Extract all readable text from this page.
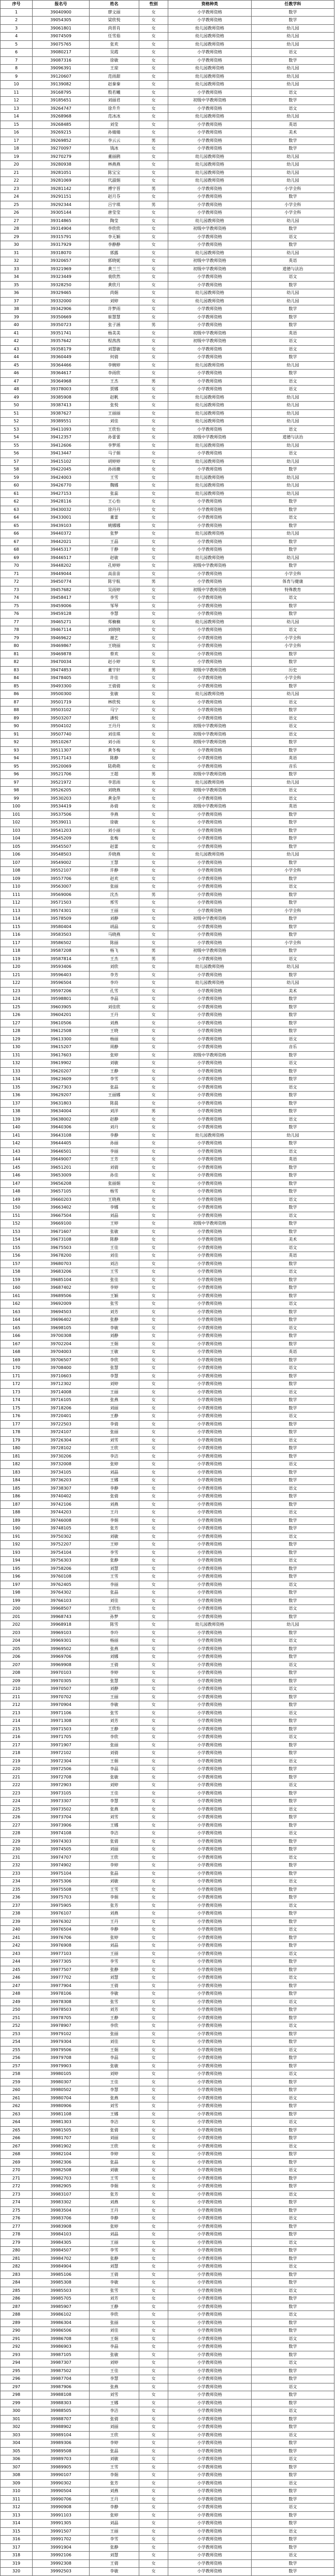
序号	报名号	姓名	性别	资格种类	任教学科
1	39040900	廖文丽	女	小学教师资格	数学
2	39054305	梁欣悦	女	小学教师资格	数学
3	39061801	尚晋肖	女	幼儿园教师资格	幼儿园
4	39074509	任雪茹	女	幼儿园教师资格	幼儿园
5	39075765	张欢	女	幼儿园教师资格	幼儿园
6	39080217	吴霞	女	小学教师资格	语文
7	39087316	徐敏	女	小学教师资格	数学
8	39096391	王琼	女	幼儿园教师资格	幼儿园
9	39120607	范雨甜	女	幼儿园教师资格	幼儿园
10	39139082	赵秦秦	女	幼儿园教师资格	幼儿园
11	39168795	殷若曦	女	小学教师资格	语文
12	39185651	刘丽君	女	初级中学教师资格	数学
13	39264747	徐升升	女	小学教师资格	语文
14	39268968	范冰冰	女	幼儿园教师资格	幼儿园
15	39268485	刘莹	女	小学教师资格	英语
16	39269215	孙婧婧	女	小学教师资格	美术
17	39269852	李云云	男	小学教师资格	数学
18	39270097	钱冰	女	小学教师资格	数学
19	39270279	董丽鹃	女	幼儿园教师资格	幼儿园
20	39280938	林燕燕	女	幼儿园教师资格	幼儿园
21	39281051	陈宝宝	女	幼儿园教师资格	幼儿园
22	39281069	代淑娟	女	幼儿园教师资格	幼儿园
23	39281142	傅宇晋	男	小学教师资格	小学全科
24	39291151	赵月芬	女	小学教师资格	数学
25	39292344	吕宇琪	男	小学教师资格	小学全科
26	39305144	唐莹莹	女	小学教师资格	小学全科
27	39314865	陶莹	女	幼儿园教师资格	幼儿园
28	39314904	李欣欣	女	初级中学教师资格	数学
29	39315791	李无颖	女	小学教师资格	语文
30	39317929	李静静	女	小学教师资格	数学
31	39318070	郭露	女	幼儿园教师资格	幼儿园
32	39320657	郭晓妮	女	初级中学教师资格	英语
33	39321969	黄兰兰	女	初级中学教师资格	道德与法治
34	39323449	裴欣然	女	小学教师资格	语文
35	39328250	黄欣月	女	小学教师资格	数学
36	39329465	尚娟	女	幼儿园教师资格	幼儿园
37	39332000	刘婷	女	幼儿园教师资格	幼儿园
38	39342906	许梦雨	女	小学教师资格	数学
39	39350669	崔慧慧	女	小学教师资格	数学
40	39350723	张子涵	男	小学教师资格	数学
41	39351741	杨美美	女	初级中学教师资格	英语
42	39357642	程茜茜	女	初级中学教师资格	语文
43	39358179	刘慧敏	女	小学教师资格	语文
44	39360449	何倩	女	小学教师资格	数学
45	39364466	李婉婷	女	幼儿园教师资格	幼儿园
46	39364617	李雨欣	女	小学教师资格	数学
47	39364968	王杰	男	小学教师资格	语文
48	39378003	贾娜	女	小学教师资格	语文
49	39385908	赵帆	女	幼儿园教师资格	幼儿园
50	39387413	张悦	女	幼儿园教师资格	幼儿园
51	39387627	王丽丽	女	幼儿园教师资格	幼儿园
52	39389551	刘佳	女	幼儿园教师资格	幼儿园
53	39411093	王欣怡	女	小学教师资格	语文
54	39412357	孙蕾蕾	女	初级中学教师资格	道德与法治
55	39412606	李梦瑶	女	幼儿园教师资格	幼儿园
56	39413447	马子娟	女	小学教师资格	语文
57	39415102	胡婷婷	女	幼儿园教师资格	幼儿园
58	39422045	孙雨薇	女	小学教师资格	数学
59	39424003	王雪	女	幼儿园教师资格	幼儿园
60	39426770	魏娜	女	幼儿园教师资格	幼儿园
61	39427153	张蕊	女	幼儿园教师资格	幼儿园
62	39428116	王心怡	女	小学教师资格	数学
63	39430032	徐丹丹	女	小学教师资格	数学
64	39433001	董蕾	女	小学教师资格	语文
65	39439103	姚娜娜	女	小学教师资格	数学
66	39440372	张梦	女	幼儿园教师资格	幼儿园
67	39442021	王晶	女	小学教师资格	数学
68	39445317	于静	女	小学教师资格	数学
69	39446517	赵敏	女	幼儿园教师资格	幼儿园
70	39448202	孔婷婷	女	初级中学教师资格	数学
71	39449044	高苗苗	女	小学教师资格	小学全科
72	39450774	陈宇航	男	小学教师资格	体育与健康
73	39457682	吴雨婷	女	初级中学教师资格	特殊教育
74	39458417	李雪	女	小学教师资格	语文
75	39459006	邹琴	女	小学教师资格	数学
76	39459128	李慧	女	小学教师资格	数学
77	39465271	郑楠楠	女	幼儿园教师资格	幼儿园
78	39467114	刘晓晓	女	小学教师资格	语文
79	39469622	谢艺	女	小学教师资格	小学全科
80	39469867	王晓丽	女	小学教师资格	小学全科
81	39469878	蔡欢	女	小学教师资格	数学
82	39470034	赵小婷	女	小学教师资格	数学
83	39474853	董宇轩	男	初级中学教师资格	历史
84	39478405	许佳	女	小学教师资格	小学全科
85	39493300	王倩倩	女	小学教师资格	数学
86	39500300	张敏	女	幼儿园教师资格	幼儿园
87	39501719	林欣悦	女	小学教师资格	语文
88	39503102	马宁	女	小学教师资格	数学
89	39503207	潘悦	女	小学教师资格	语文
90	39504102	王丹丹	女	初级中学教师资格	语文
91	39507740	刘佳琪	女	初级中学教师资格	语文
92	39510267	刘小雨	女	初级中学教师资格	数学
93	39511307	黄冬梅	女	小学教师资格	数学
94	39517143	陈静	女	小学教师资格	英语
95	39520069	陆萌萌	女	小学教师资格	音乐
96	39521706	王超	男	初级中学教师资格	数学
97	39521972	李思雨	女	幼儿园教师资格	幼儿园
98	39526205	刘晓燕	女	初级中学教师资格	语文
99	39530203	黄金萍	女	小学教师资格	语文
100	39534419	孙倩	女	初级中学教师资格	英语
101	39537506	李燕	女	小学教师资格	数学
102	39539011	徐敏	女	小学教师资格	数学
103	39541203	刘小丽	女	小学教师资格	数学
104	39545209	张梅	女	小学教师资格	数学
105	39545507	赵蕾	女	小学教师资格	数学
106	39548503	乔晓燕	女	幼儿园教师资格	幼儿园
107	39549002	王慧	女	小学教师资格	数学
108	39552107	许静	女	小学教师资格	小学全科
109	39557706	赵欢	女	小学教师资格	数学
110	39563007	张丽	女	小学教师资格	语文
111	39569006	沈杰	男	小学教师资格	数学
112	39571503	邢雪	女	小学教师资格	数学
113	39574301	王丽	女	小学教师资格	小学全科
114	39578509	刘静	女	初级中学教师资格	数学
115	39580404	胡晶	女	小学教师资格	数学
116	39583503	马晓燕	女	小学教师资格	数学
117	39586502	陈丽	女	小学教师资格	小学全科
118	39587208	杨飞	男	初级中学教师资格	数学
119	39587814	王杰	男	小学教师资格	语文
120	39593406	刘欣	女	幼儿园教师资格	幼儿园
121	39596403	李芳	女	小学教师资格	数学
122	39596504	李玲	女	幼儿园教师资格	幼儿园
123	39597206	孔雪	女	小学教师资格	美术
124	39598801	李晶	女	小学教师资格	数学
125	39603905	刘佳欣	女	小学教师资格	数学
126	39604201	王丹	女	小学教师资格	数学
127	39610506	刘燕	女	小学教师资格	数学
128	39612508	王晓	女	小学教师资格	数学
129	39613300	杨丽	女	小学教师资格	语文
130	39615207	周静	女	小学教师资格	音乐
131	39617603	张婷	女	初级中学教师资格	数学
132	39619902	刘敏	女	小学教师资格	语文
133	39620207	王静	女	小学教师资格	数学
134	39623609	李雪	女	小学教师资格	数学
135	39627303	张晶	女	小学教师资格	语文
136	39629207	王丽娜	女	小学教师资格	数学
137	39631803	陈晨	女	小学教师资格	数学
138	39634004	刘洋	男	小学教师资格	数学
139	39638002	赵静	女	小学教师资格	语文
140	39640306	刘丹	女	小学教师资格	数学
141	39643108	李静	女	幼儿园教师资格	幼儿园
142	39644405	孙丽	女	小学教师资格	数学
143	39646501	李丽	女	小学教师资格	语文
144	39649007	王芳	女	小学教师资格	英语
145	39651201	刘倩	女	小学教师资格	数学
146	39653009	孙佳	女	小学教师资格	数学
147	39656208	张丽娟	女	小学教师资格	数学
148	39657105	杨雪	女	小学教师资格	数学
149	39660203	王晓燕	女	小学教师资格	语文
150	39663402	李娜	女	小学教师资格	数学
151	39667504	刘晶	女	小学教师资格	语文
152	39669100	王婷	女	初级中学教师资格	数学
153	39671607	张敏	女	小学教师资格	数学
154	39673108	陈静	女	小学教师资格	美术
155	39675503	王佳	女	小学教师资格	语文
156	39678200	刘佳	女	小学教师资格	英语
157	39680703	刘洁	女	小学教师资格	数学
158	39683206	王雪	女	小学教师资格	语文
159	39685104	张佳	女	小学教师资格	数学
160	39687402	李婷	女	小学教师资格	数学
161	39689506	王颖	女	小学教师资格	数学
162	39692009	张雪	女	小学教师资格	语文
163	39694503	刘芳	女	小学教师资格	数学
164	39696402	张静	女	小学教师资格	数学
165	39698105	李敏	女	小学教师资格	语文
166	39700308	刘静	女	小学教师资格	数学
167	39702204	王娟	女	小学教师资格	数学
168	39704003	王敏	女	小学教师资格	英语
169	39706507	李欣	女	小学教师资格	数学
170	39708400	张慧	女	小学教师资格	语文
171	39710603	李慧	女	小学教师资格	数学
172	39712302	刘婷	女	小学教师资格	数学
173	39714008	王丽	女	小学教师资格	语文
174	39716105	张燕	女	小学教师资格	数学
175	39718206	刘丽	女	小学教师资格	数学
176	39720401	王静	女	小学教师资格	语文
177	39722503	李倩	女	小学教师资格	数学
178	39724107	张丽	女	小学教师资格	数学
179	39726304	刘雪	女	小学教师资格	语文
180	39728102	王欣	女	小学教师资格	数学
181	39730206	李洁	女	小学教师资格	数学
182	39732008	张婷	女	小学教师资格	语文
183	39734105	刘晶	女	小学教师资格	数学
184	39736203	王娜	女	小学教师资格	数学
185	39738307	李静	女	小学教师资格	语文
186	39740402	张倩	女	小学教师资格	数学
187	39742106	刘燕	女	小学教师资格	数学
188	39744203	王丹	女	小学教师资格	语文
189	39746008	李娟	女	小学教师资格	数学
190	39748105	张芳	女	小学教师资格	数学
191	39750302	刘敏	女	小学教师资格	语文
192	39752207	王婷	女	小学教师资格	数学
193	39754104	李雪	女	小学教师资格	数学
194	39756303	张静	女	小学教师资格	语文
195	39758206	刘慧	女	小学教师资格	数学
196	39760108	王雪	女	小学教师资格	数学
197	39762405	李丽	女	小学教师资格	语文
198	39764302	张晶	女	小学教师资格	数学
199	39766103	刘佳	女	小学教师资格	数学
200	39968507	王欣怡	女	小学教师资格	语文
201	39968743	孙梦	女	小学教师资格	数学
202	39968918	陈雪	女	幼儿园教师资格	幼儿园
203	39969103	李玲	女	小学教师资格	数学
204	39969301	杨丽	女	小学教师资格	语文
205	39969502	张燕	女	小学教师资格	数学
206	39969706	刘娜	女	小学教师资格	数学
207	39969908	王倩	女	小学教师资格	语文
208	39970103	李婷	女	小学教师资格	数学
209	39970305	张慧	女	小学教师资格	数学
210	39970507	刘静	女	小学教师资格	语文
211	39970702	王丽	女	小学教师资格	数学
212	39970904	李敏	女	小学教师资格	数学
213	39971106	张雪	女	小学教师资格	语文
214	39971308	刘芳	女	小学教师资格	数学
215	39971503	王静	女	小学教师资格	数学
216	39971705	李欣	女	小学教师资格	语文
217	39971907	张丽	女	小学教师资格	数学
218	39972102	刘倩	女	小学教师资格	数学
219	39972304	王娟	女	小学教师资格	语文
220	39972506	李晶	女	小学教师资格	数学
221	39972708	张敏	女	小学教师资格	数学
222	39972903	刘婷	女	小学教师资格	语文
223	39973105	王佳	女	小学教师资格	数学
224	39973307	李慧	女	小学教师资格	数学
225	39973502	张燕	女	小学教师资格	语文
226	39973704	刘雪	女	小学教师资格	数学
227	39973906	王娜	女	小学教师资格	数学
228	39974108	李洁	女	小学教师资格	语文
229	39974303	张倩	女	小学教师资格	数学
230	39974505	刘丽	女	小学教师资格	数学
231	39974707	王欣	女	小学教师资格	语文
232	39974902	李婷	女	小学教师资格	数学
233	39975104	张晶	女	小学教师资格	数学
234	39975306	刘敏	女	小学教师资格	语文
235	39975508	王雪	女	小学教师资格	数学
236	39975703	李娟	女	小学教师资格	数学
237	39975905	张芳	女	小学教师资格	语文
238	39976107	刘燕	女	小学教师资格	数学
239	39976302	王丹	女	小学教师资格	数学
240	39976504	李静	女	小学教师资格	语文
241	39976706	张婷	女	小学教师资格	数学
242	39976908	刘晶	女	小学教师资格	数学
243	39977103	王丽	女	小学教师资格	语文
244	39977305	李雪	女	小学教师资格	数学
245	39977507	张静	女	小学教师资格	数学
246	39977702	刘慧	女	小学教师资格	语文
247	39977904	王倩	女	小学教师资格	数学
248	39978106	李敏	女	小学教师资格	数学
249	39978308	张雪	女	小学教师资格	语文
250	39978503	刘芳	女	小学教师资格	数学
251	39978705	王静	女	小学教师资格	数学
252	39978907	李欣	女	小学教师资格	语文
253	39979102	张丽	女	小学教师资格	数学
254	39979304	刘佳	女	小学教师资格	数学
255	39979506	王娟	女	小学教师资格	语文
256	39979708	李晶	女	小学教师资格	数学
257	39979903	张敏	女	小学教师资格	数学
258	39980105	刘婷	女	小学教师资格	语文
259	39980307	王佳	女	小学教师资格	数学
260	39980502	李慧	女	小学教师资格	数学
261	39980704	张燕	女	小学教师资格	语文
262	39980906	刘雪	女	小学教师资格	数学
263	39981108	王娜	女	小学教师资格	数学
264	39981303	李洁	女	小学教师资格	语文
265	39981505	张倩	女	小学教师资格	数学
266	39981707	刘丽	女	小学教师资格	数学
267	39981902	王欣	女	小学教师资格	语文
268	39982104	李婷	女	小学教师资格	数学
269	39982306	张晶	女	小学教师资格	数学
270	39982508	刘敏	女	小学教师资格	语文
271	39982703	王雪	女	小学教师资格	数学
272	39982905	李娟	女	小学教师资格	数学
273	39983107	张芳	女	小学教师资格	语文
274	39983302	刘燕	女	小学教师资格	数学
275	39983504	王丹	女	小学教师资格	数学
276	39983706	李静	女	小学教师资格	语文
277	39983908	张婷	女	小学教师资格	数学
278	39984103	刘晶	女	小学教师资格	数学
279	39984305	王丽	女	小学教师资格	语文
280	39984507	李雪	女	小学教师资格	数学
281	39984702	张静	女	小学教师资格	数学
282	39984904	刘慧	女	小学教师资格	语文
283	39985106	王倩	女	小学教师资格	数学
284	39985308	李敏	女	小学教师资格	数学
285	39985503	张雪	女	小学教师资格	语文
286	39985705	刘芳	女	小学教师资格	数学
287	39985907	王静	女	小学教师资格	数学
288	39986102	李欣	女	小学教师资格	语文
289	39986304	张丽	女	小学教师资格	数学
290	39986506	刘佳	女	小学教师资格	数学
291	39986708	王娟	女	小学教师资格	语文
292	39986903	李晶	女	小学教师资格	数学
293	39987105	张敏	女	小学教师资格	数学
294	39987307	刘婷	女	小学教师资格	语文
295	39987502	王佳	女	小学教师资格	数学
296	39987704	李慧	女	小学教师资格	数学
297	39987906	张燕	女	小学教师资格	语文
298	39988108	刘雪	女	小学教师资格	数学
299	39988303	王娜	女	小学教师资格	数学
300	39988505	李洁	女	小学教师资格	语文
301	39988707	张倩	女	小学教师资格	数学
302	39988902	刘丽	女	小学教师资格	数学
303	39989104	王欣	女	小学教师资格	语文
304	39989306	李婷	女	小学教师资格	数学
305	39989508	张晶	女	小学教师资格	数学
306	39989703	刘敏	女	小学教师资格	语文
307	39989905	王雪	女	小学教师资格	数学
308	39990107	李娟	女	小学教师资格	数学
309	39990302	张芳	女	小学教师资格	语文
310	39990504	刘燕	女	小学教师资格	数学
311	39990706	王丹	女	小学教师资格	数学
312	39990908	李静	女	小学教师资格	语文
313	39991103	张婷	女	小学教师资格	数学
314	39991305	刘晶	女	小学教师资格	数学
315	39991507	王丽	女	小学教师资格	语文
316	39991702	李雪	女	小学教师资格	数学
317	39991904	张静	女	小学教师资格	数学
318	39992106	刘慧	女	小学教师资格	语文
319	39992308	王倩	女	小学教师资格	数学
320	39992503	李敏	女	小学教师资格	数学
